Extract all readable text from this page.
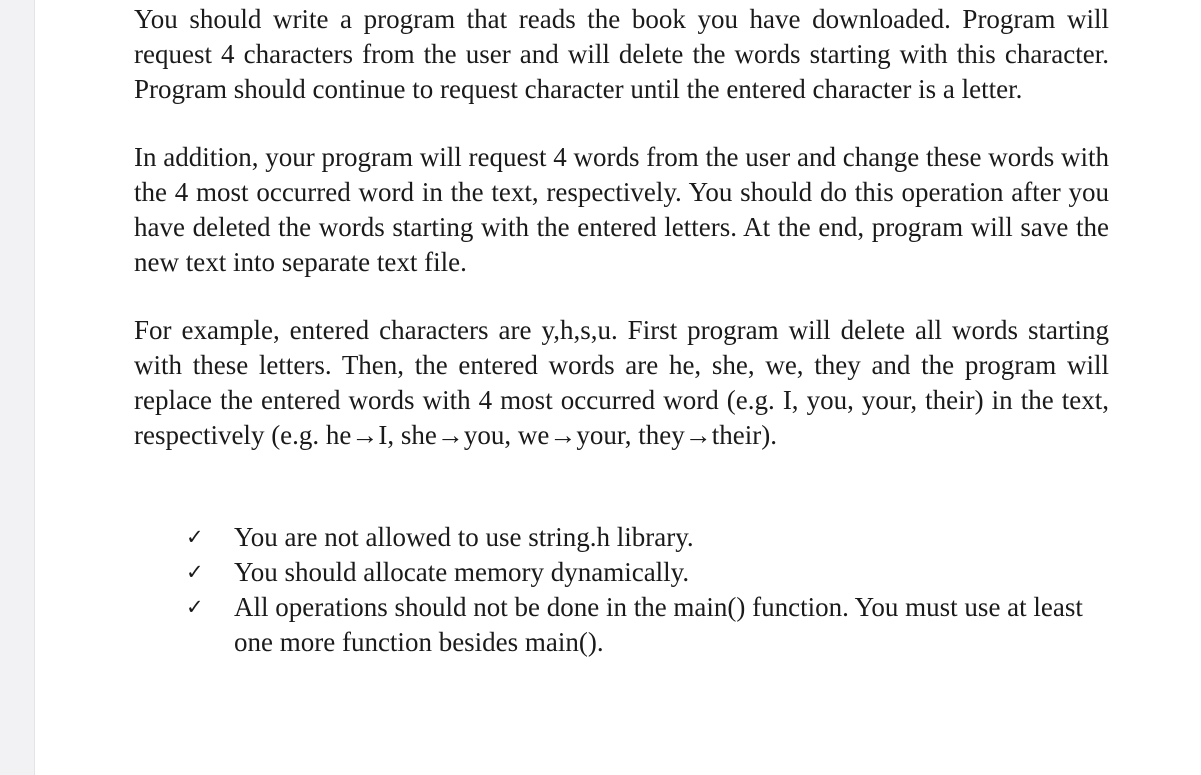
You should write a program that reads the book you have downloaded. Program will request 4 characters from the user and will delete the words starting with this character. Program should continue to request character until the entered character is a letter.

In addition, your program will request 4 words from the user and change these words with the 4 most occurred word in the text, respectively. You should do this operation after you have deleted the words starting with the entered letters. At the end, program will save the new text into separate text file.

For example, entered characters are y,h,s,u. First program will delete all words starting with these letters. Then, the entered words are he, she, we, they and the program will replace the entered words with 4 most occurred word (e.g. I, you, your, their) in the text, respectively (e.g. he→I, she→you, we→your, they→their).

✓ You are not allowed to use string.h library.
✓ You should allocate memory dynamically.
✓ All operations should not be done in the main() function. You must use at least one more function besides main().
